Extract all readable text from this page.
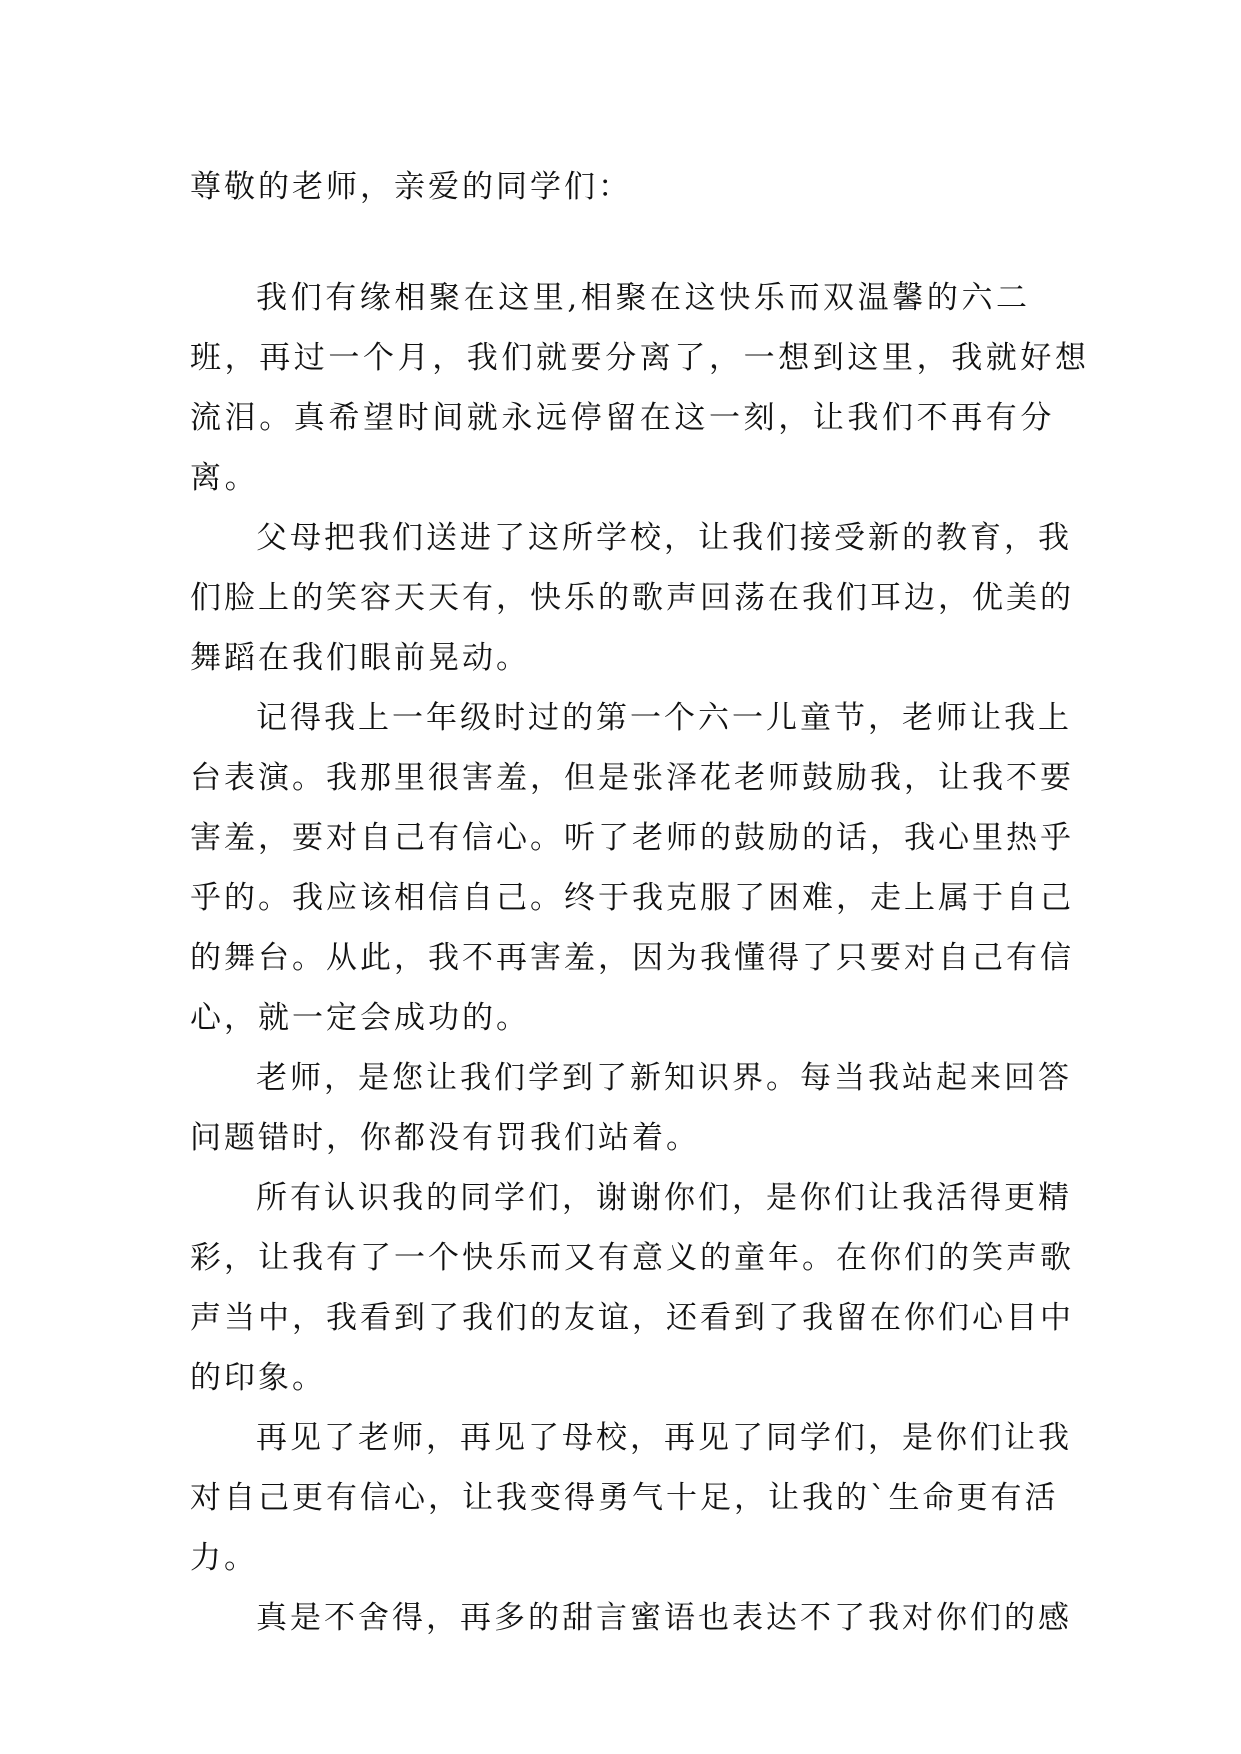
尊敬的老师，亲爱的同学们：

我们有缘相聚在这里,相聚在这快乐而双温馨的六二班，再过一个月，我们就要分离了，一想到这里，我就好想流泪。真希望时间就永远停留在这一刻，让我们不再有分离。

父母把我们送进了这所学校，让我们接受新的教育，我们脸上的笑容天天有，快乐的歌声回荡在我们耳边，优美的舞蹈在我们眼前晃动。

记得我上一年级时过的第一个六一儿童节，老师让我上台表演。我那里很害羞，但是张泽花老师鼓励我，让我不要害羞，要对自己有信心。听了老师的鼓励的话，我心里热乎乎的。我应该相信自己。终于我克服了困难，走上属于自己的舞台。从此，我不再害羞，因为我懂得了只要对自己有信心，就一定会成功的。

老师，是您让我们学到了新知识界。每当我站起来回答问题错时，你都没有罚我们站着。

所有认识我的同学们，谢谢你们，是你们让我活得更精彩，让我有了一个快乐而又有意义的童年。在你们的笑声歌声当中，我看到了我们的友谊，还看到了我留在你们心目中的印象。

再见了老师，再见了母校，再见了同学们，是你们让我对自己更有信心，让我变得勇气十足，让我的`生命更有活力。

真是不舍得，再多的甜言蜜语也表达不了我对你们的感
